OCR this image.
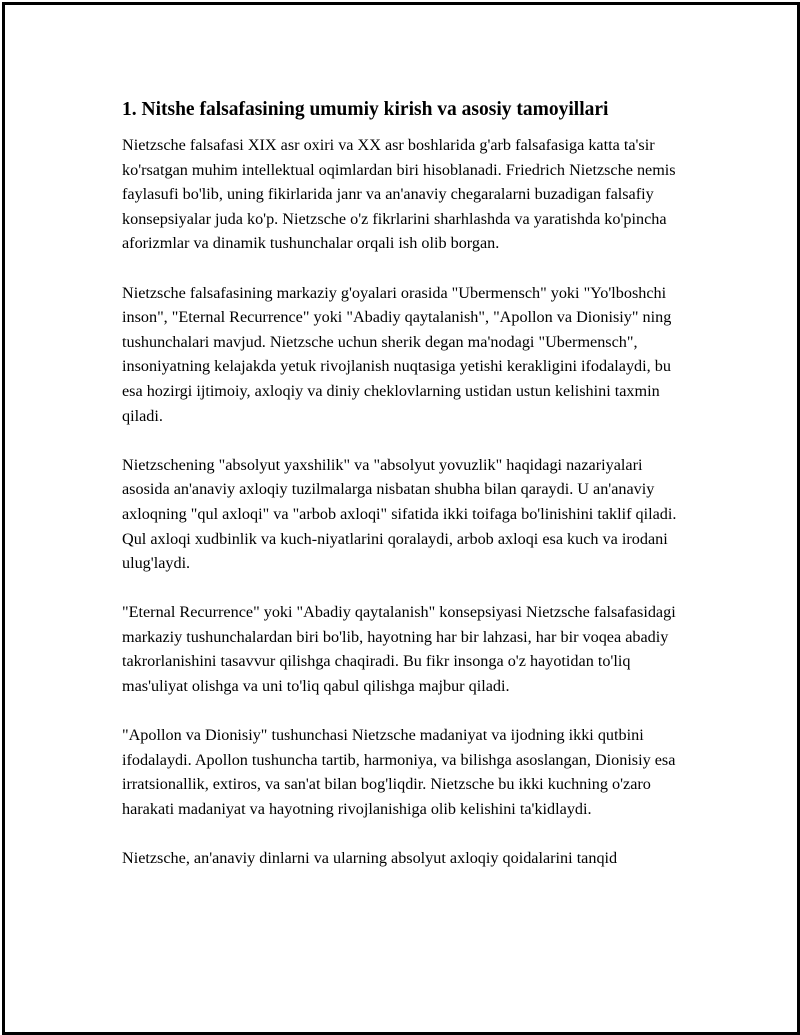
1. Nitshe falsafasining umumiy kirish va asosiy tamoyillari

Nietzsche falsafasi XIX asr oxiri va XX asr boshlarida g'arb falsafasiga katta ta'sir ko'rsatgan muhim intellektual oqimlardan biri hisoblanadi. Friedrich Nietzsche nemis faylasufi bo'lib, uning fikirlarida janr va an'anaviy chegaralarni buzadigan falsafiy konsepsiyalar juda ko'p. Nietzsche o'z fikrlarini sharhlashda va yaratishda ko'pincha aforizmlar va dinamik tushunchalar orqali ish olib borgan.

Nietzsche falsafasining markaziy g'oyalari orasida "Ubermensch" yoki "Yo'lboshchi inson", "Eternal Recurrence" yoki "Abadiy qaytalanish", "Apollon va Dionisiy" ning tushunchalari mavjud. Nietzsche uchun sherik degan ma'nodagi "Ubermensch", insoniyatning kelajakda yetuk rivojlanish nuqtasiga yetishi kerakligini ifodalaydi, bu esa hozirgi ijtimoiy, axloqiy va diniy cheklovlarning ustidan ustun kelishini taxmin qiladi.

Nietzschening "absolyut yaxshilik" va "absolyut yovuzlik" haqidagi nazariyalari asosida an'anaviy axloqiy tuzilmalarga nisbatan shubha bilan qaraydi. U an'anaviy axloqning "qul axloqi" va "arbob axloqi" sifatida ikki toifaga bo'linishini taklif qiladi. Qul axloqi xudbinlik va kuch-niyatlarini qoralaydi, arbob axloqi esa kuch va irodani ulug'laydi.

"Eternal Recurrence" yoki "Abadiy qaytalanish" konsepsiyasi Nietzsche falsafasidagi markaziy tushunchalardan biri bo'lib, hayotning har bir lahzasi, har bir voqea abadiy takrorlanishini tasavvur qilishga chaqiradi. Bu fikr insonga o'z hayotidan to'liq mas'uliyat olishga va uni to'liq qabul qilishga majbur qiladi.

"Apollon va Dionisiy" tushunchasi Nietzsche madaniyat va ijodning ikki qutbini ifodalaydi. Apollon tushuncha tartib, harmoniya, va bilishga asoslangan, Dionisiy esa irratsionallik, extiros, va san'at bilan bog'liqdir. Nietzsche bu ikki kuchning o'zaro harakati madaniyat va hayotning rivojlanishiga olib kelishini ta'kidlaydi.

Nietzsche, an'anaviy dinlarni va ularning absolyut axloqiy qoidalarini tanqid
